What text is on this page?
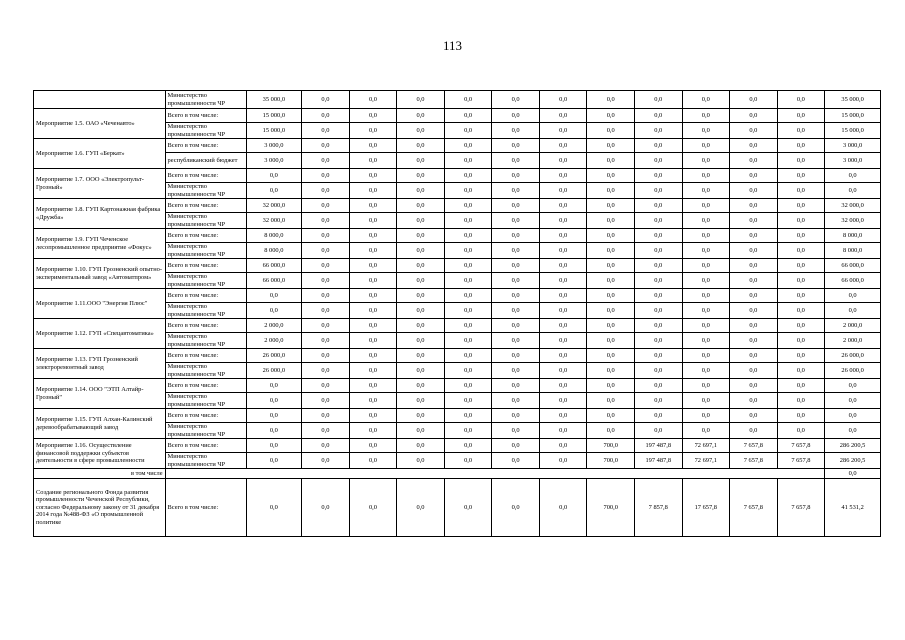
113
	Министерство промышленности ЧР	35 000,0	0,0	0,0	0,0	0,0	0,0	0,0	0,0	0,0	0,0	0,0	0,0	35 000,0
Мероприятие 1.5. ОАО «Чеченавто»	Всего в том числе:	15 000,0	0,0	0,0	0,0	0,0	0,0	0,0	0,0	0,0	0,0	0,0	0,0	15 000,0
	Министерство промышленности ЧР	15 000,0	0,0	0,0	0,0	0,0	0,0	0,0	0,0	0,0	0,0	0,0	0,0	15 000,0
Мероприятие 1.6. ГУП «Беркат»	Всего в том числе:	3 000,0	0,0	0,0	0,0	0,0	0,0	0,0	0,0	0,0	0,0	0,0	0,0	3 000,0
	республиканский бюджет	3 000,0	0,0	0,0	0,0	0,0	0,0	0,0	0,0	0,0	0,0	0,0	0,0	3 000,0
Мероприятие 1.7. ООО «Электропульт-Грозный»	Всего в том числе:	0,0	0,0	0,0	0,0	0,0	0,0	0,0	0,0	0,0	0,0	0,0	0,0	0,0
	Министерство промышленности ЧР	0,0	0,0	0,0	0,0	0,0	0,0	0,0	0,0	0,0	0,0	0,0	0,0	0,0
Мероприятие 1.8. ГУП Картонажная фабрика «Дружба»	Всего в том числе:	32 000,0	0,0	0,0	0,0	0,0	0,0	0,0	0,0	0,0	0,0	0,0	0,0	32 000,0
	Министерство промышленности ЧР	32 000,0	0,0	0,0	0,0	0,0	0,0	0,0	0,0	0,0	0,0	0,0	0,0	32 000,0
Мероприятие 1.9. ГУП Чеченское лесопромышленное предприятие «Фокус»	Всего в том числе:	8 000,0	0,0	0,0	0,0	0,0	0,0	0,0	0,0	0,0	0,0	0,0	0,0	8 000,0
	Министерство промышленности ЧР	8 000,0	0,0	0,0	0,0	0,0	0,0	0,0	0,0	0,0	0,0	0,0	0,0	8 000,0
Мероприятие 1.10. ГУП Грозненский опытно-экспериментальный завод «Автоматпром»	Всего в том числе:	66 000,0	0,0	0,0	0,0	0,0	0,0	0,0	0,0	0,0	0,0	0,0	0,0	66 000,0
	Министерство промышленности ЧР	66 000,0	0,0	0,0	0,0	0,0	0,0	0,0	0,0	0,0	0,0	0,0	0,0	66 000,0
Мероприятие 1.11.ООО "Энергия Плюс"	Всего в том числе:	0,0	0,0	0,0	0,0	0,0	0,0	0,0	0,0	0,0	0,0	0,0	0,0	0,0
	Министерство промышленности ЧР	0,0	0,0	0,0	0,0	0,0	0,0	0,0	0,0	0,0	0,0	0,0	0,0	0,0
Мероприятие 1.12. ГУП «Спецавтоматика»	Всего в том числе:	2 000,0	0,0	0,0	0,0	0,0	0,0	0,0	0,0	0,0	0,0	0,0	0,0	2 000,0
	Министерство промышленности ЧР	2 000,0	0,0	0,0	0,0	0,0	0,0	0,0	0,0	0,0	0,0	0,0	0,0	2 000,0
Мероприятие 1.13. ГУП Грозненский электроремонтный завод	Всего в том числе:	26 000,0	0,0	0,0	0,0	0,0	0,0	0,0	0,0	0,0	0,0	0,0	0,0	26 000,0
	Министерство промышленности ЧР	26 000,0	0,0	0,0	0,0	0,0	0,0	0,0	0,0	0,0	0,0	0,0	0,0	26 000,0
Мероприятие 1.14. ООО "ЭТП Алтайр-Грозный"	Всего в том числе:	0,0	0,0	0,0	0,0	0,0	0,0	0,0	0,0	0,0	0,0	0,0	0,0	0,0
	Министерство промышленности ЧР	0,0	0,0	0,0	0,0	0,0	0,0	0,0	0,0	0,0	0,0	0,0	0,0	0,0
Мероприятие 1.15. ГУП Алхан-Калинский деревообрабатывающий завод	Всего в том числе:	0,0	0,0	0,0	0,0	0,0	0,0	0,0	0,0	0,0	0,0	0,0	0,0	0,0
	Министерство промышленности ЧР	0,0	0,0	0,0	0,0	0,0	0,0	0,0	0,0	0,0	0,0	0,0	0,0	0,0
Мероприятие 1.16. Осуществление финансовой поддержки субъектов деятельности в сфере промышленности	Всего в том числе:	0,0	0,0	0,0	0,0	0,0	0,0	0,0	700,0	197 487,8	72 697,1	7 657,8	7 657,8	286 200,5
	Министерство промышленности ЧР	0,0	0,0	0,0	0,0	0,0	0,0	0,0	700,0	197 487,8	72 697,1	7 657,8	7 657,8	286 200,5
в том числе														0,0
Создание регионального Фонда развития промышленности Чеченской Республики, согласно Федеральному закону от 31 декабря 2014 года №488-ФЗ «О промышленной политике	Всего в том числе:	0,0	0,0	0,0	0,0	0,0	0,0	0,0	700,0	7 857,8	17 657,8	7 657,8	7 657,8	41 531,2
